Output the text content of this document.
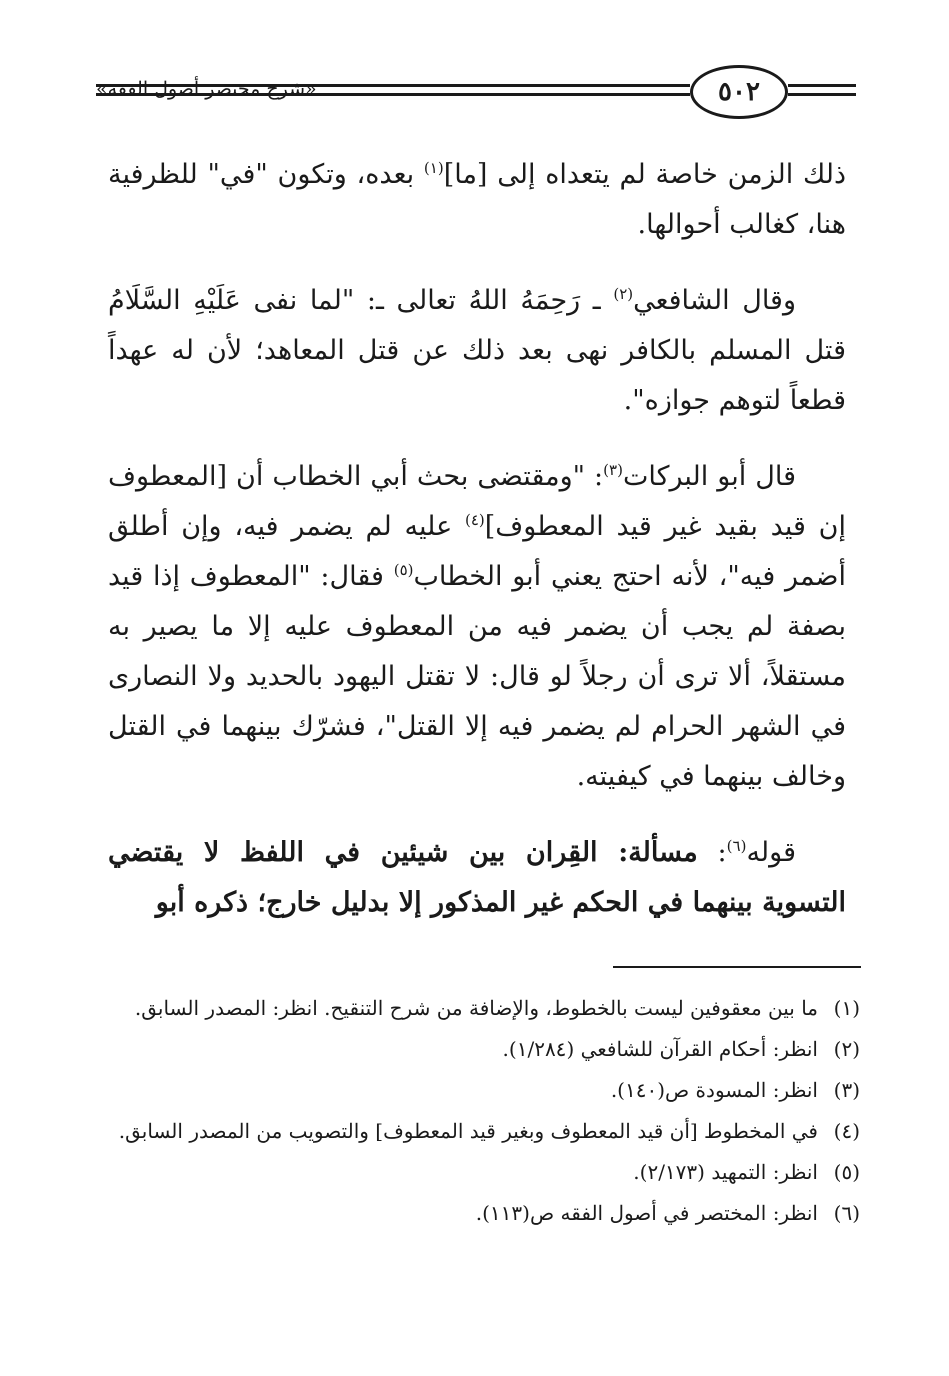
«شرح مختصر أصول الفقه»	٥٠٢

ذلك الزمن خاصة لم يتعداه إلى [ما]$^{(١)}$ بعده، وتكون "في" للظرفية هنا، كغالب أحوالها.

وقال الشافعي$^{(٢)}$ ـ رَحِمَهُ اللهُ تعالى ـ: "لما نفى عَلَيْهِ السَّلَامُ قتل المسلم بالكافر نهى بعد ذلك عن قتل المعاهد؛ لأن له عهداً قطعاً لتوهم جوازه".

قال أبو البركات$^{(٣)}$: "ومقتضى بحث أبي الخطاب أن [المعطوف إن قيد بقيد غير قيد المعطوف]$^{(٤)}$ عليه لم يضمر فيه، وإن أطلق أضمر فيه"، لأنه احتج يعني أبو الخطاب$^{(٥)}$ فقال: "المعطوف إذا قيد بصفة لم يجب أن يضمر فيه من المعطوف عليه إلا ما يصير به مستقلاً، ألا ترى أن رجلاً لو قال: لا تقتل اليهود بالحديد ولا النصارى في الشهر الحرام لم يضمر فيه إلا القتل"، فشرّك بينهما في القتل وخالف بينهما في كيفيته.

قوله$^{(٦)}$: مسألة: القِران بين شيئين في اللفظ لا يقتضي التسوية بينهما في الحكم غير المذكور إلا بدليل خارج؛ ذكره أبو

(١)
ما بين معقوفين ليست بالخطوط، والإضافة من شرح التنقيح. انظر: المصدر السابق.
(٢)
انظر: أحكام القرآن للشافعي (١/٢٨٤).
(٣)
انظر: المسودة ص(١٤٠).
(٤)
في المخطوط [أن قيد المعطوف وبغير قيد المعطوف] والتصويب من المصدر السابق.
(٥)
انظر: التمهيد (٢/١٧٣).
(٦)
انظر: المختصر في أصول الفقه ص(١١٣).
